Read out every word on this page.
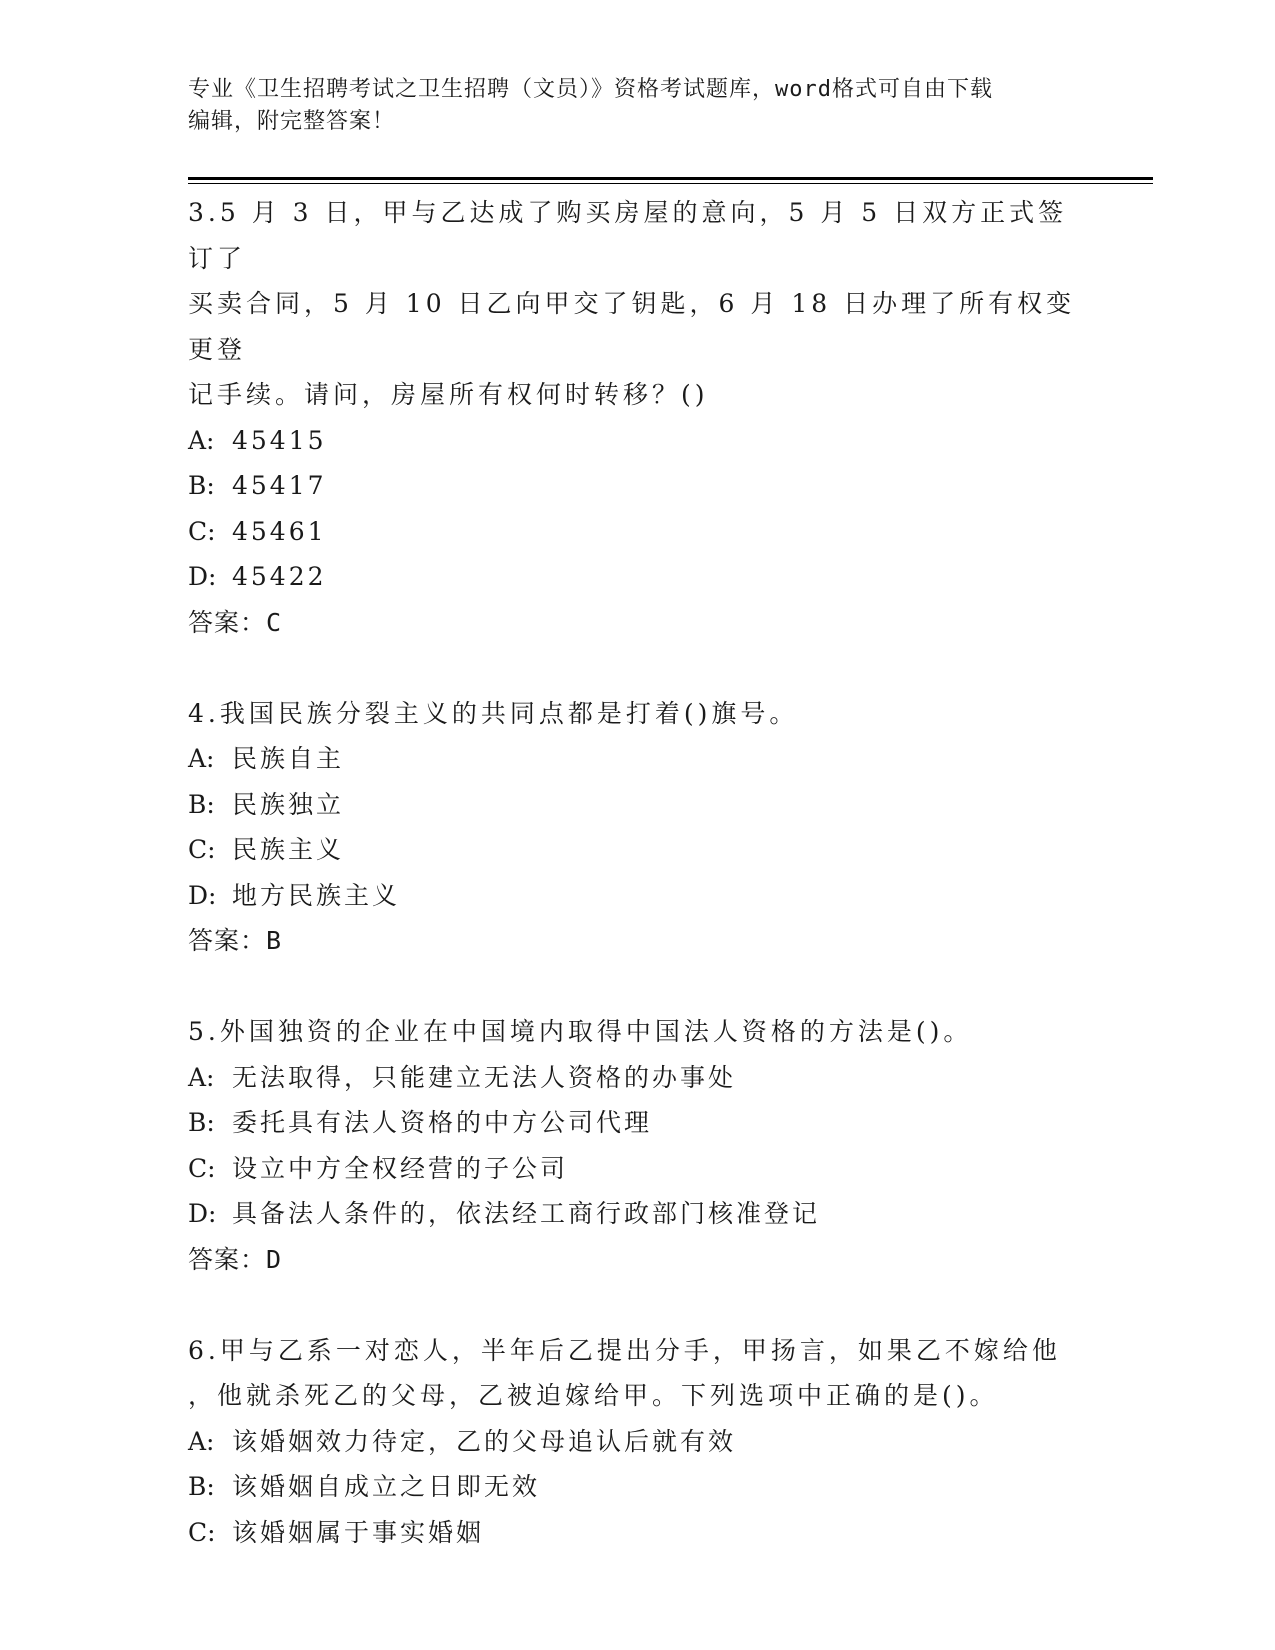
专业《卫生招聘考试之卫生招聘（文员）》资格考试题库，word格式可自由下载
编辑，附完整答案！
3.5 月 3 日，甲与乙达成了购买房屋的意向，5 月 5 日双方正式签订了
买卖合同，5 月 10 日乙向甲交了钥匙，6 月 18 日办理了所有权变更登
记手续。请问，房屋所有权何时转移？()
A: 45415
B: 45417
C: 45461
D: 45422
答案：C
4.我国民族分裂主义的共同点都是打着()旗号。
A: 民族自主
B: 民族独立
C: 民族主义
D: 地方民族主义
答案：B
5.外国独资的企业在中国境内取得中国法人资格的方法是()。
A: 无法取得，只能建立无法人资格的办事处
B: 委托具有法人资格的中方公司代理
C: 设立中方全权经营的子公司
D: 具备法人条件的，依法经工商行政部门核准登记
答案：D
6.甲与乙系一对恋人，半年后乙提出分手，甲扬言，如果乙不嫁给他
，他就杀死乙的父母，乙被迫嫁给甲。下列选项中正确的是()。
A: 该婚姻效力待定，乙的父母追认后就有效
B: 该婚姻自成立之日即无效
C: 该婚姻属于事实婚姻
